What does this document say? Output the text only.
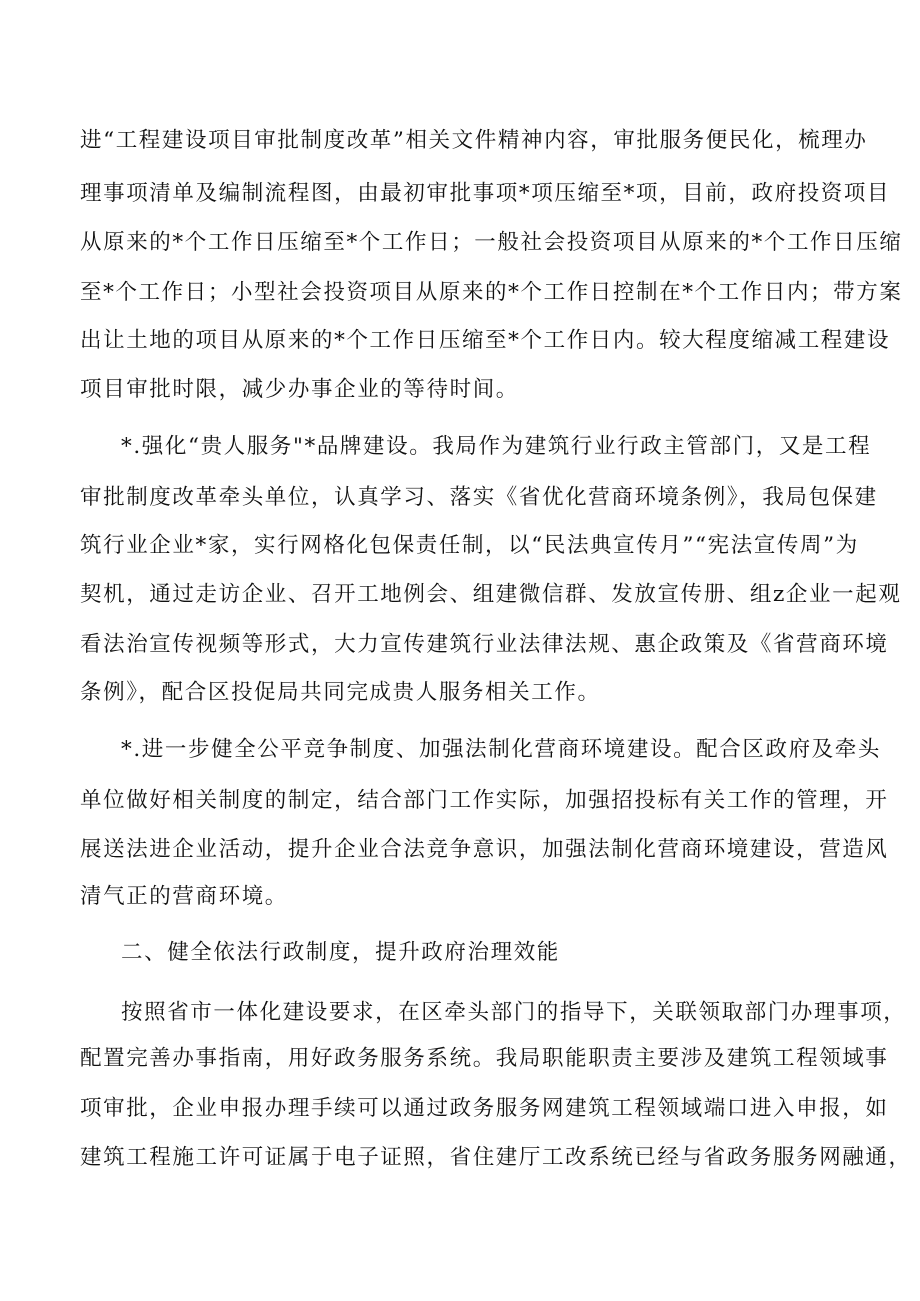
进“工程建设项目审批制度改革”相关文件精神内容，审批服务便民化，梳理办
理事项清单及编制流程图，由最初审批事项*项压缩至*项，目前，政府投资项目
从原来的*个工作日压缩至*个工作日；一般社会投资项目从原来的*个工作日压缩
至*个工作日；小型社会投资项目从原来的*个工作日控制在*个工作日内；带方案
出让土地的项目从原来的*个工作日压缩至*个工作日内。较大程度缩减工程建设
项目审批时限，减少办事企业的等待时间。
*.强化“贵人服务"*品牌建设。我局作为建筑行业行政主管部门，又是工程
审批制度改革牵头单位，认真学习、落实《省优化营商环境条例》，我局包保建
筑行业企业*家，实行网格化包保责任制，以“民法典宣传月”“宪法宣传周”为
契机，通过走访企业、召开工地例会、组建微信群、发放宣传册、组z企业一起观
看法治宣传视频等形式，大力宣传建筑行业法律法规、惠企政策及《省营商环境
条例》，配合区投促局共同完成贵人服务相关工作。
*.进一步健全公平竞争制度、加强法制化营商环境建设。配合区政府及牵头
单位做好相关制度的制定，结合部门工作实际，加强招投标有关工作的管理，开
展送法进企业活动，提升企业合法竞争意识，加强法制化营商环境建设，营造风
清气正的营商环境。
二、健全依法行政制度，提升政府治理效能
按照省市一体化建设要求，在区牵头部门的指导下，关联领取部门办理事项，
配置完善办事指南，用好政务服务系统。我局职能职责主要涉及建筑工程领域事
项审批，企业申报办理手续可以通过政务服务网建筑工程领域端口进入申报，如
建筑工程施工许可证属于电子证照，省住建厅工改系统已经与省政务服务网融通，
